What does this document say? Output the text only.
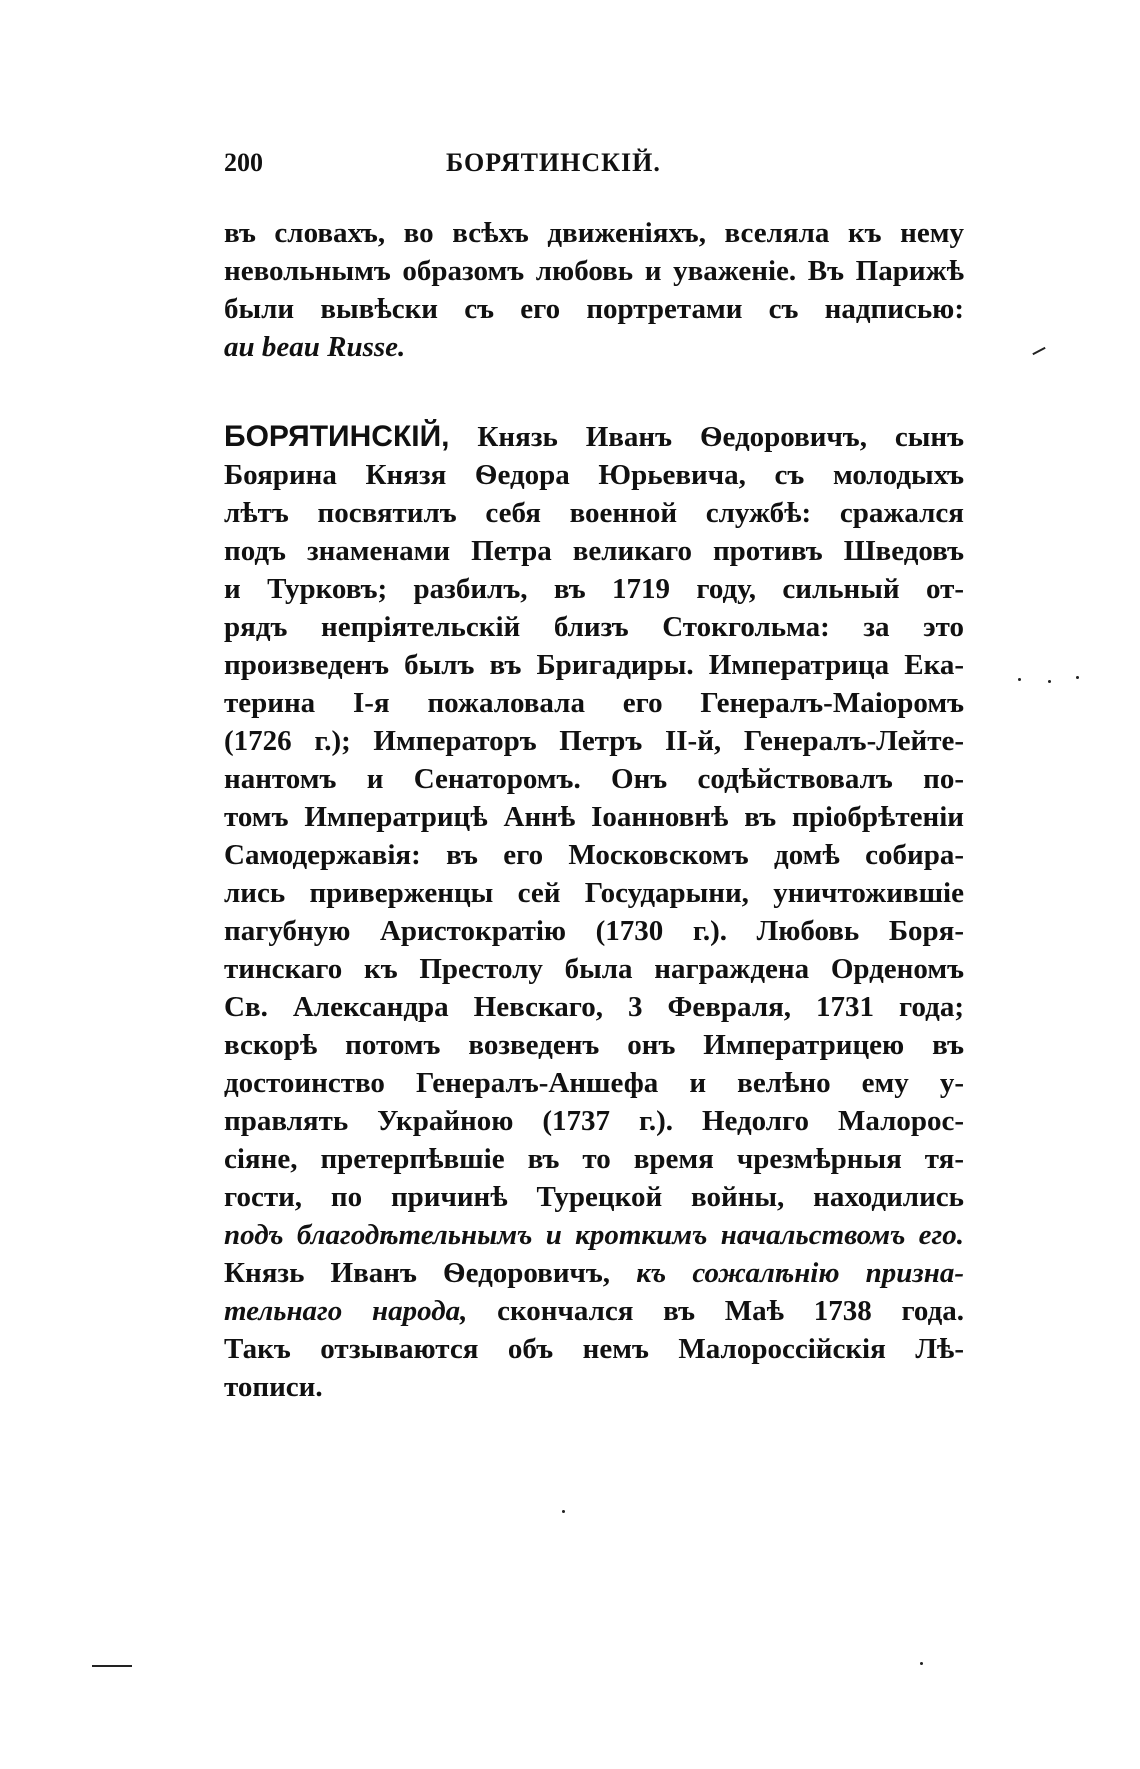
200	БОРЯТИНСКІЙ.
въ словахъ, во всѣхъ движеніяхъ, вселяла къ нему
невольнымъ образомъ любовь и уваженіе. Въ Парижѣ
были вывѣски съ его портретами съ надписью:
au beau Russe.
БОРЯТИНСКІЙ, Князь Иванъ Ѳедоровичъ, сынъ
Боярина Князя Ѳедора Юрьевича, съ молодыхъ
лѣтъ посвятилъ себя военной службѣ: сражался
подъ знаменами Петра великаго противъ Шведовъ
и Турковъ; разбилъ, въ 1719 году, сильный от-
рядъ непріятельскій близъ Стокгольма: за это
произведенъ былъ въ Бригадиры. Императрица Ека-
терина І-я пожаловала его Генералъ-Маіоромъ
(1726 г.); Императоръ Петръ ІІ-й, Генералъ-Лейте-
нантомъ и Сенаторомъ. Онъ содѣйствовалъ по-
томъ Императрицѣ Аннѣ Іоанновнѣ въ пріобрѣтеніи
Самодержавія: въ его Московскомъ домѣ собира-
лись приверженцы сей Государыни, уничтожившіе
пагубную Аристократію (1730 г.). Любовь Боря-
тинскаго къ Престолу была награждена Орденомъ
Св. Александра Невскаго, 3 Февраля, 1731 года;
вскорѣ потомъ возведенъ онъ Императрицею въ
достоинство Генералъ-Аншефа и велѣно ему у-
правлять Украйною (1737 г.). Недолго Малорос-
сіяне, претерпѣвшіе въ то время чрезмѣрныя тя-
гости, по причинѣ Турецкой войны, находились
подъ благодѣтельнымъ и кроткимъ начальствомъ его.
Князь Иванъ Ѳедоровичъ, къ сожалѣнію призна-
тельнаго народа, скончался въ Маѣ 1738 года.
Такъ отзываются объ немъ Малороссійскія Лѣ-
тописи.
